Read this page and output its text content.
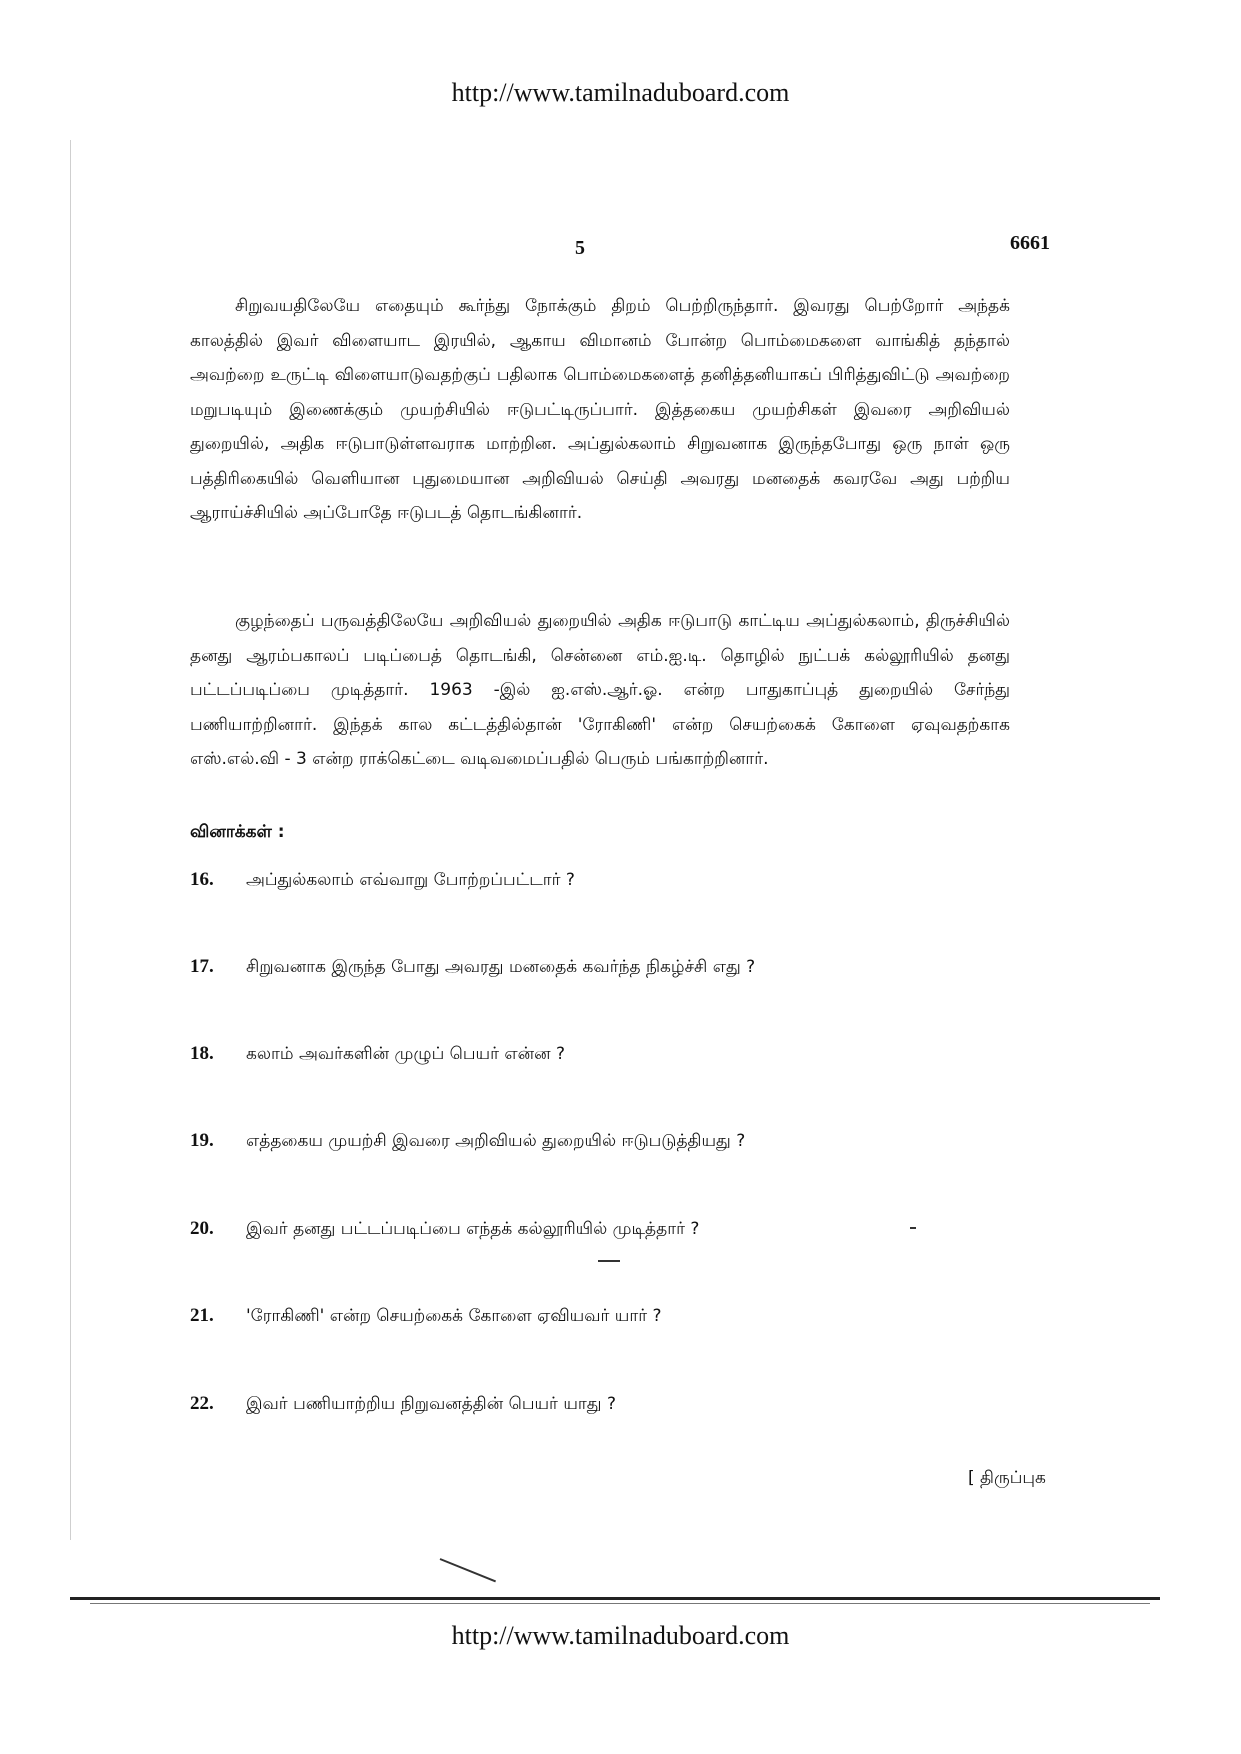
http://www.tamilnaduboard.com
5	6661

சிறுவயதிலேயே எதையும் கூர்ந்து நோக்கும் திறம் பெற்றிருந்தார். இவரது பெற்றோர் அந்தக் காலத்தில் இவர் விளையாட இரயில், ஆகாய விமானம் போன்ற பொம்மைகளை வாங்கித் தந்தால் அவற்றை உருட்டி விளையாடுவதற்குப் பதிலாக பொம்மைகளைத் தனித்தனியாகப் பிரித்துவிட்டு அவற்றை மறுபடியும் இணைக்கும் முயற்சியில் ஈடுபட்டிருப்பார். இத்தகைய முயற்சிகள் இவரை அறிவியல் துறையில், அதிக ஈடுபாடுள்ளவராக மாற்றின. அப்துல்கலாம் சிறுவனாக இருந்தபோது ஒரு நாள் ஒரு பத்திரிகையில் வெளியான புதுமையான அறிவியல் செய்தி அவரது மனதைக் கவரவே அது பற்றிய ஆராய்ச்சியில் அப்போதே ஈடுபடத் தொடங்கினார்.

குழந்தைப் பருவத்திலேயே அறிவியல் துறையில் அதிக ஈடுபாடு காட்டிய அப்துல்கலாம், திருச்சியில் தனது ஆரம்பகாலப் படிப்பைத் தொடங்கி, சென்னை எம்.ஐ.டி. தொழில் நுட்பக் கல்லூரியில் தனது பட்டப்படிப்பை முடித்தார். 1963 -இல் ஐ.எஸ்.ஆர்.ஓ. என்ற பாதுகாப்புத் துறையில் சேர்ந்து பணியாற்றினார். இந்தக் கால கட்டத்தில்தான் 'ரோகிணி' என்ற செயற்கைக் கோளை ஏவுவதற்காக எஸ்.எல்.வி - 3 என்ற ராக்கெட்டை வடிவமைப்பதில் பெரும் பங்காற்றினார்.

வினாக்கள் :
16. அப்துல்கலாம் எவ்வாறு போற்றப்பட்டார் ?
17. சிறுவனாக இருந்த போது அவரது மனதைக் கவர்ந்த நிகழ்ச்சி எது ?
18. கலாம் அவர்களின் முழுப் பெயர் என்ன ?
19. எத்தகைய முயற்சி இவரை அறிவியல் துறையில் ஈடுபடுத்தியது ?
20. இவர் தனது பட்டப்படிப்பை எந்தக் கல்லூரியில் முடித்தார் ?
21. 'ரோகிணி' என்ற செயற்கைக் கோளை ஏவியவர் யார் ?
22. இவர் பணியாற்றிய நிறுவனத்தின் பெயர் யாது ?
[ திருப்புக
http://www.tamilnaduboard.com
